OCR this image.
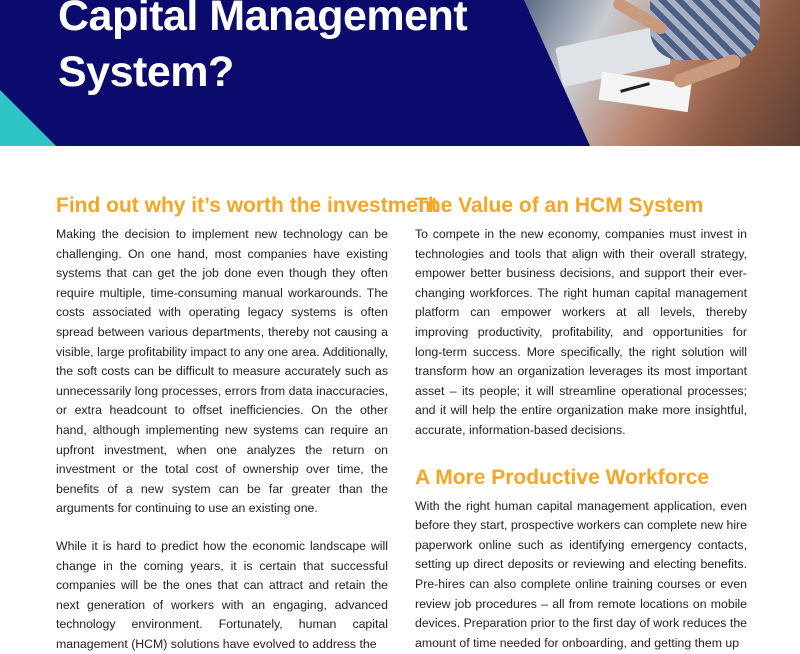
Capital Management
System?
Find out why it’s worth the investment

Making the decision to implement new technology can be challenging. On one hand, most companies have existing systems that can get the job done even though they often require multiple, time-consuming manual workarounds. The costs associated with operating legacy systems is often spread between various departments, thereby not causing a visible, large profitability impact to any one area. Additionally, the soft costs can be difficult to measure accurately such as unnecessarily long processes, errors from data inaccuracies, or extra headcount to offset inefficiencies. On the other hand, although implementing new systems can require an upfront investment, when one analyzes the return on investment or the total cost of ownership over time, the benefits of a new system can be far greater than the arguments for continuing to use an existing one.

While it is hard to predict how the economic landscape will change in the coming years, it is certain that successful companies will be the ones that can attract and retain the next generation of workers with an engaging, advanced technology environment. Fortunately, human capital management (HCM) solutions have evolved to address the

The Value of an HCM System

To compete in the new economy, companies must invest in technologies and tools that align with their overall strategy, empower better business decisions, and support their ever-changing workforces. The right human capital management platform can empower workers at all levels, thereby improving productivity, profitability, and opportunities for long-term success. More specifically, the right solution will transform how an organization leverages its most important asset – its people; it will streamline operational processes; and it will help the entire organization make more insightful, accurate, information-based decisions.

A More Productive Workforce

With the right human capital management application, even before they start, prospective workers can complete new hire paperwork online such as identifying emergency contacts, setting up direct deposits or reviewing and electing benefits. Pre-hires can also complete online training courses or even review job procedures – all from remote locations on mobile devices. Preparation prior to the first day of work reduces the amount of time needed for onboarding, and getting them up
